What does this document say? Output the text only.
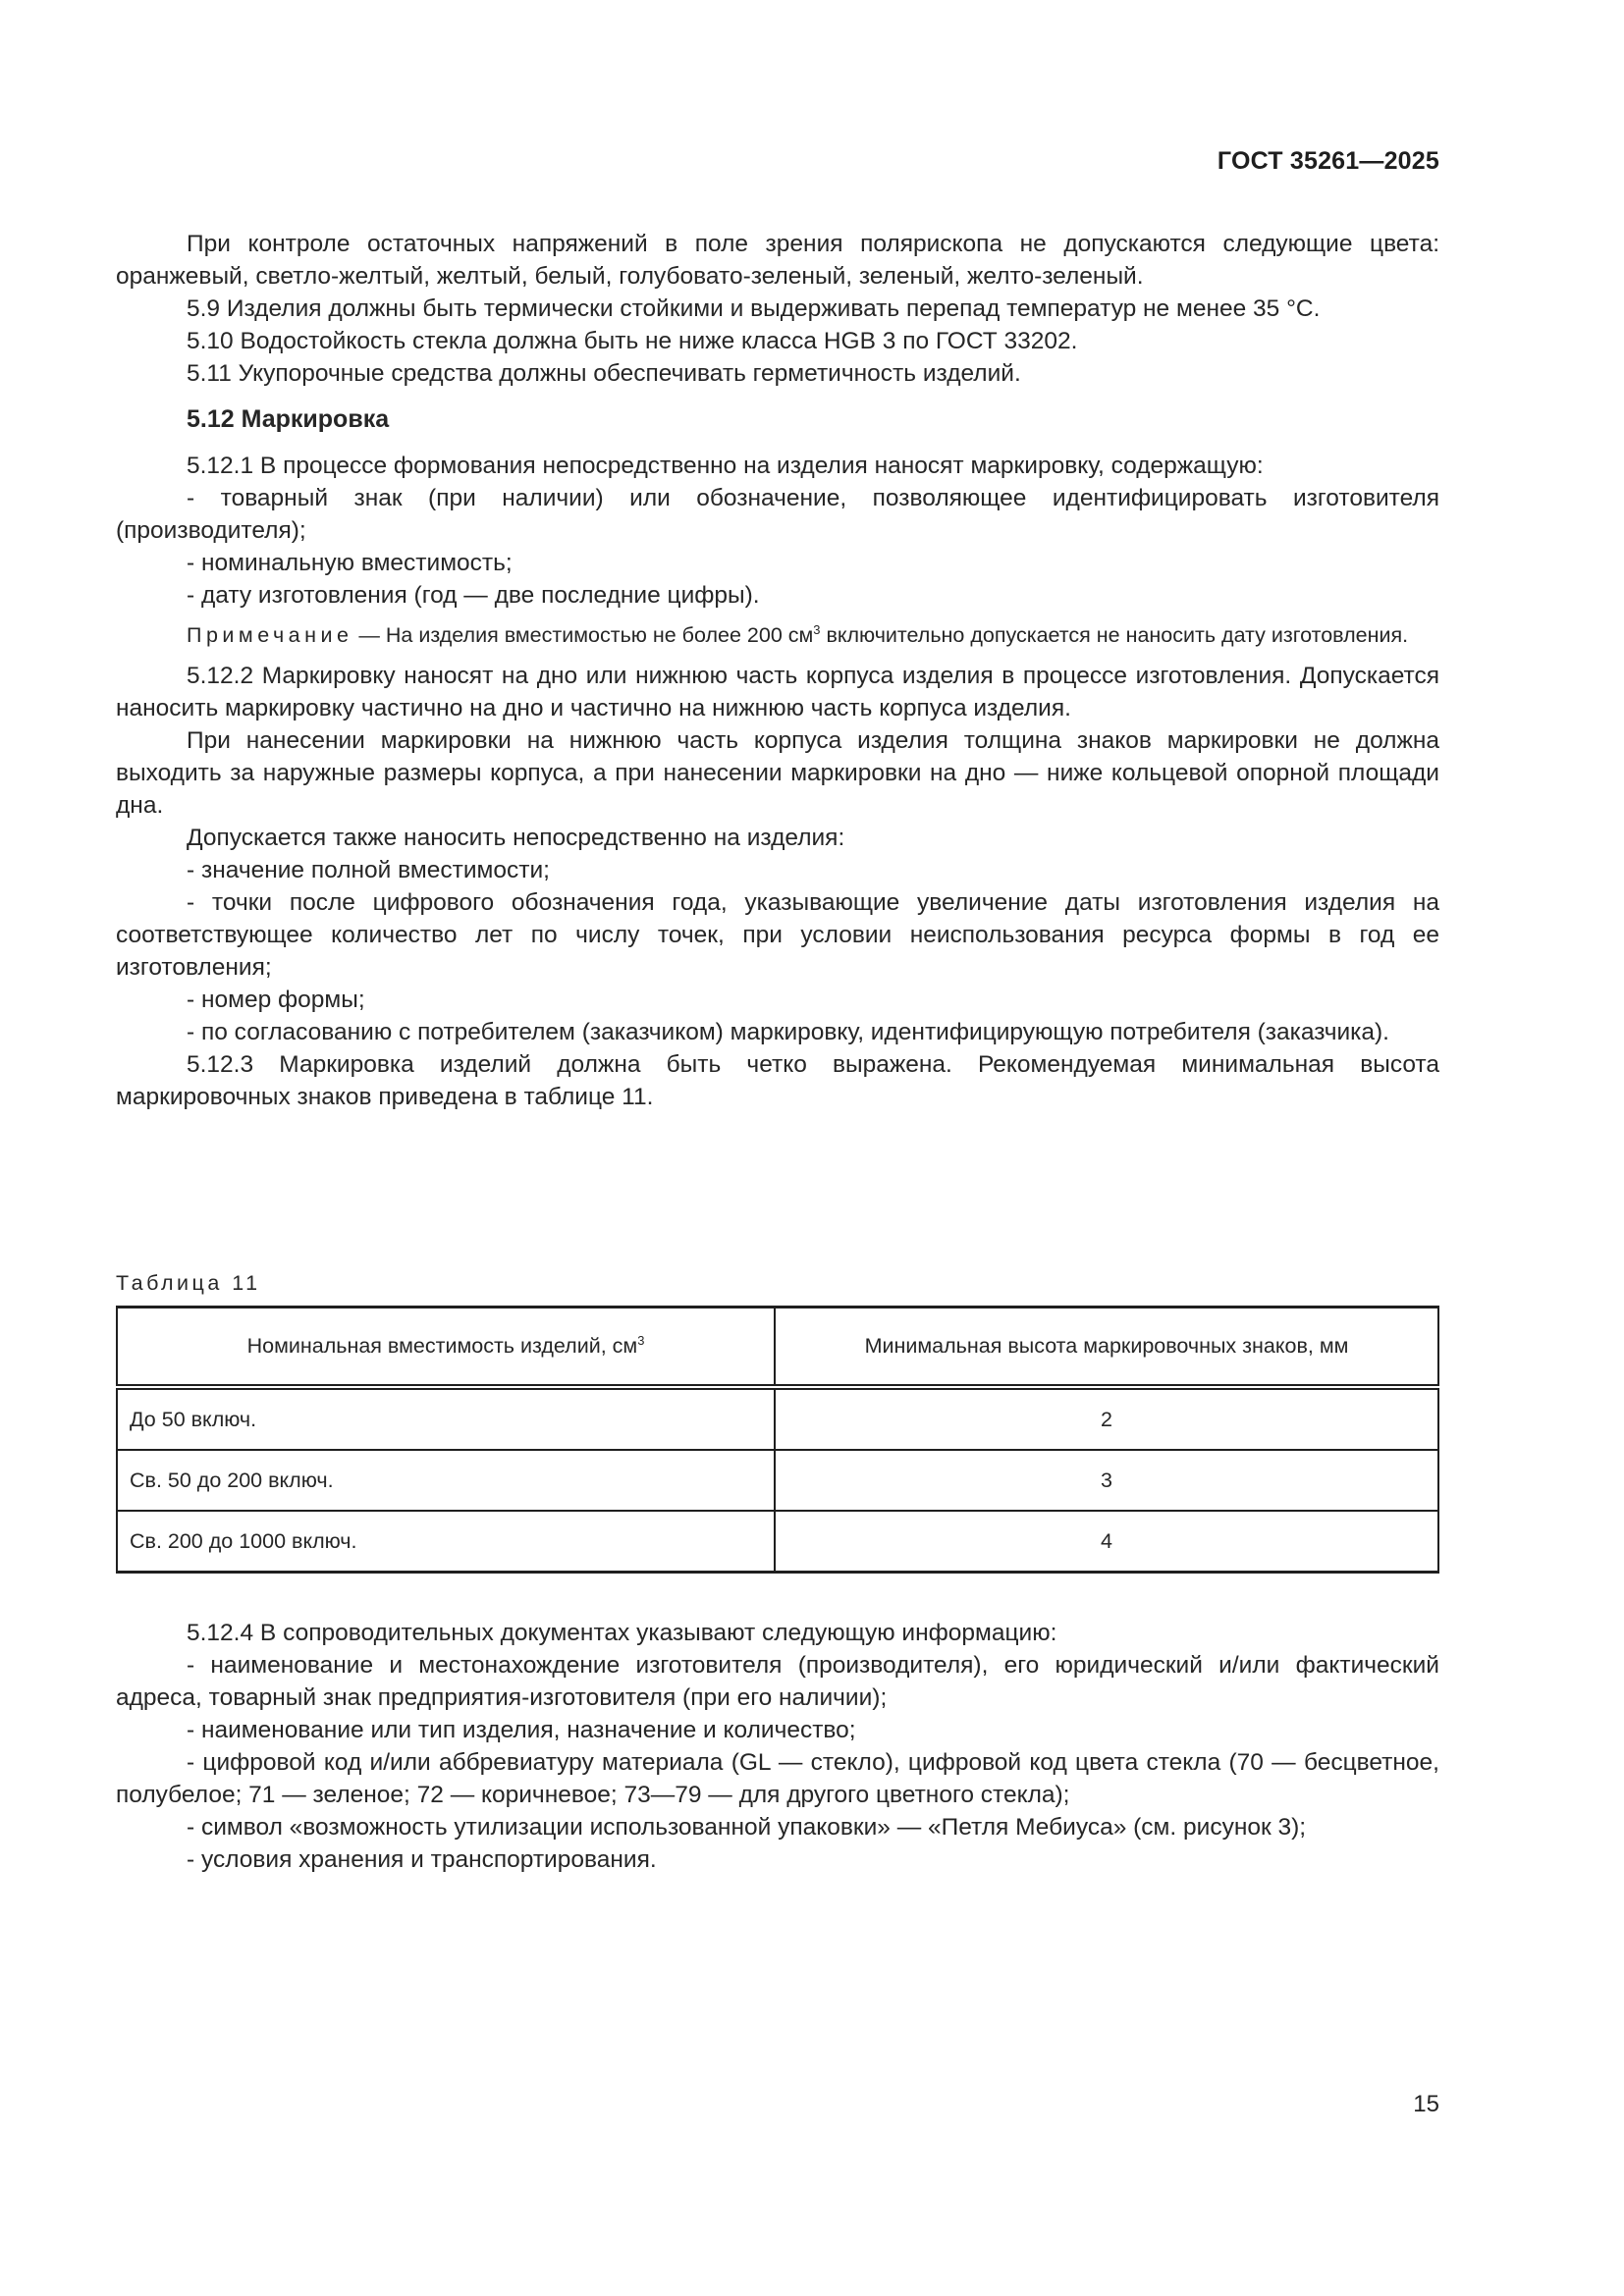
ГОСТ 35261—2025

При контроле остаточных напряжений в поле зрения полярископа не допускаются следующие цвета: оранжевый, светло-желтый, желтый, белый, голубовато-зеленый, зеленый, желто-зеленый.

5.9 Изделия должны быть термически стойкими и выдерживать перепад температур не менее 35 °С.

5.10 Водостойкость стекла должна быть не ниже класса HGB 3 по ГОСТ 33202.

5.11 Укупорочные средства должны обеспечивать герметичность изделий.

5.12 Маркировка

5.12.1 В процессе формования непосредственно на изделия наносят маркировку, содержащую:

- товарный знак (при наличии) или обозначение, позволяющее идентифицировать изготовителя (производителя);

- номинальную вместимость;

- дату изготовления (год — две последние цифры).

Примечание — На изделия вместимостью не более 200 $см^3$ включительно допускается не наносить дату изготовления.

5.12.2 Маркировку наносят на дно или нижнюю часть корпуса изделия в процессе изготовления. Допускается наносить маркировку частично на дно и частично на нижнюю часть корпуса изделия.

При нанесении маркировки на нижнюю часть корпуса изделия толщина знаков маркировки не должна выходить за наружные размеры корпуса, а при нанесении маркировки на дно — ниже кольцевой опорной площади дна.

Допускается также наносить непосредственно на изделия:

- значение полной вместимости;

- точки после цифрового обозначения года, указывающие увеличение даты изготовления изделия на соответствующее количество лет по числу точек, при условии неиспользования ресурса формы в год ее изготовления;

- номер формы;

- по согласованию с потребителем (заказчиком) маркировку, идентифицирующую потребителя (заказчика).

5.12.3 Маркировка изделий должна быть четко выражена. Рекомендуемая минимальная высота маркировочных знаков приведена в таблице 11.

Таблица 11

Номинальная вместимость изделий, $см^3$	Минимальная высота маркировочных знаков, мм
До 50 включ.	2
Св. 50 до 200 включ.	3
Св. 200 до 1000 включ.	4

5.12.4 В сопроводительных документах указывают следующую информацию:

- наименование и местонахождение изготовителя (производителя), его юридический и/или фактический адреса, товарный знак предприятия-изготовителя (при его наличии);

- наименование или тип изделия, назначение и количество;

- цифровой код и/или аббревиатуру материала (GL — стекло), цифровой код цвета стекла (70 — бесцветное, полубелое; 71 — зеленое; 72 — коричневое; 73—79 — для другого цветного стекла);

- символ «возможность утилизации использованной упаковки» — «Петля Мебиуса» (см. рисунок 3);

- условия хранения и транспортирования.

15
